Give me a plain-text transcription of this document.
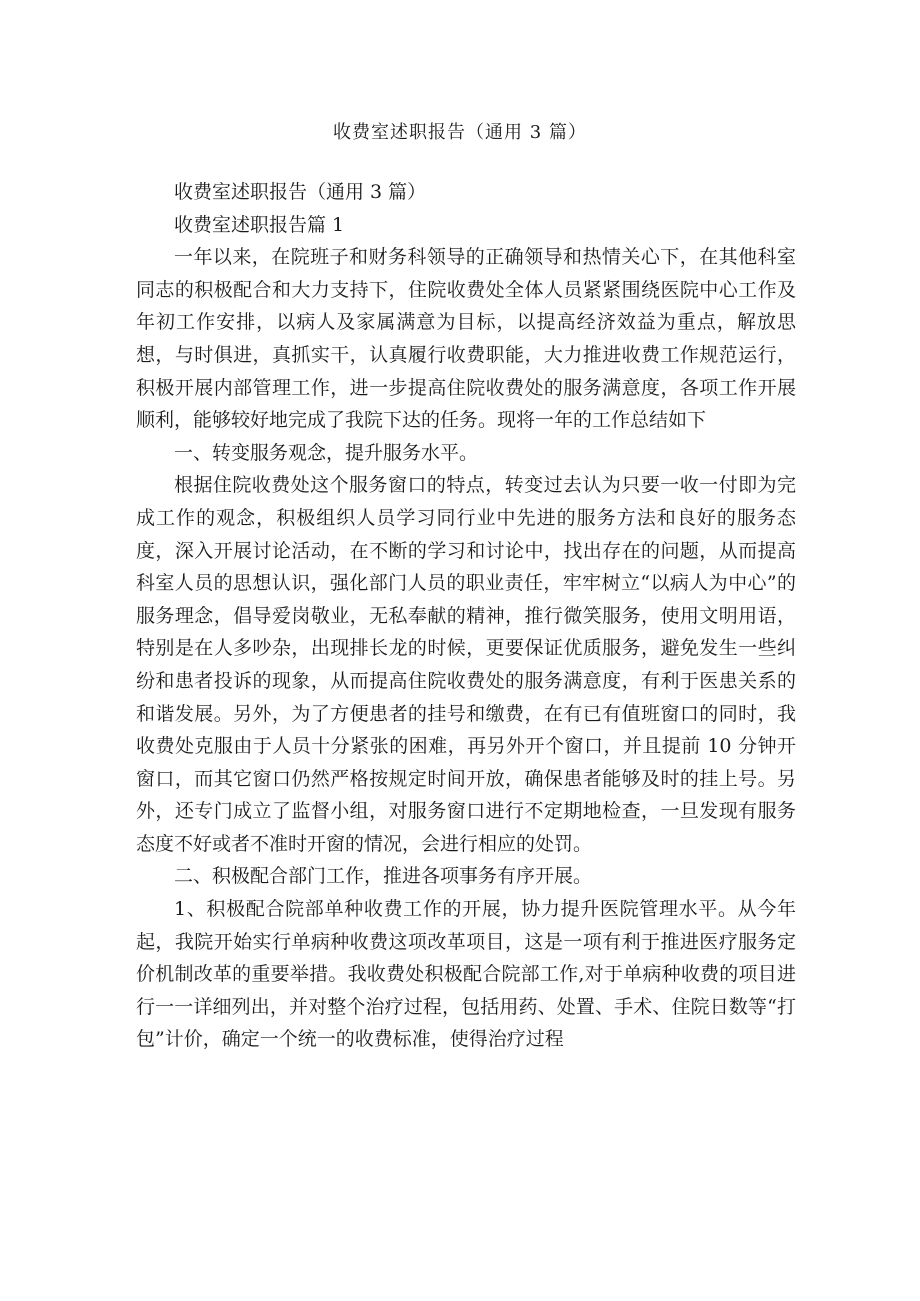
收费室述职报告（通用 3 篇）

收费室述职报告（通用 3 篇）

收费室述职报告篇 1

一年以来，在院班子和财务科领导的正确领导和热情关心下，在其他科室同志的积极配合和大力支持下，住院收费处全体人员紧紧围绕医院中心工作及年初工作安排，以病人及家属满意为目标，以提高经济效益为重点，解放思想，与时俱进，真抓实干，认真履行收费职能，大力推进收费工作规范运行，积极开展内部管理工作，进一步提高住院收费处的服务满意度，各项工作开展顺利，能够较好地完成了我院下达的任务。现将一年的工作总结如下

一、转变服务观念，提升服务水平。

根据住院收费处这个服务窗口的特点，转变过去认为只要一收一付即为完成工作的观念，积极组织人员学习同行业中先进的服务方法和良好的服务态度，深入开展讨论活动，在不断的学习和讨论中，找出存在的问题，从而提高科室人员的思想认识，强化部门人员的职业责任，牢牢树立“以病人为中心”的服务理念，倡导爱岗敬业，无私奉献的精神，推行微笑服务，使用文明用语，特别是在人多吵杂，出现排长龙的时候，更要保证优质服务，避免发生一些纠纷和患者投诉的现象，从而提高住院收费处的服务满意度，有利于医患关系的和谐发展。另外，为了方便患者的挂号和缴费，在有已有值班窗口的同时，我收费处克服由于人员十分紧张的困难，再另外开个窗口，并且提前 10 分钟开窗口，而其它窗口仍然严格按规定时间开放，确保患者能够及时的挂上号。另外，还专门成立了监督小组，对服务窗口进行不定期地检查，一旦发现有服务态度不好或者不准时开窗的情况，会进行相应的处罚。

二、积极配合部门工作，推进各项事务有序开展。

1、积极配合院部单种收费工作的开展，协力提升医院管理水平。从今年起，我院开始实行单病种收费这项改革项目，这是一项有利于推进医疗服务定价机制改革的重要举措。我收费处积极配合院部工作,对于单病种收费的项目进行一一详细列出，并对整个治疗过程，包括用药、处置、手术、住院日数等“打包”计价，确定一个统一的收费标准，使得治疗过程
